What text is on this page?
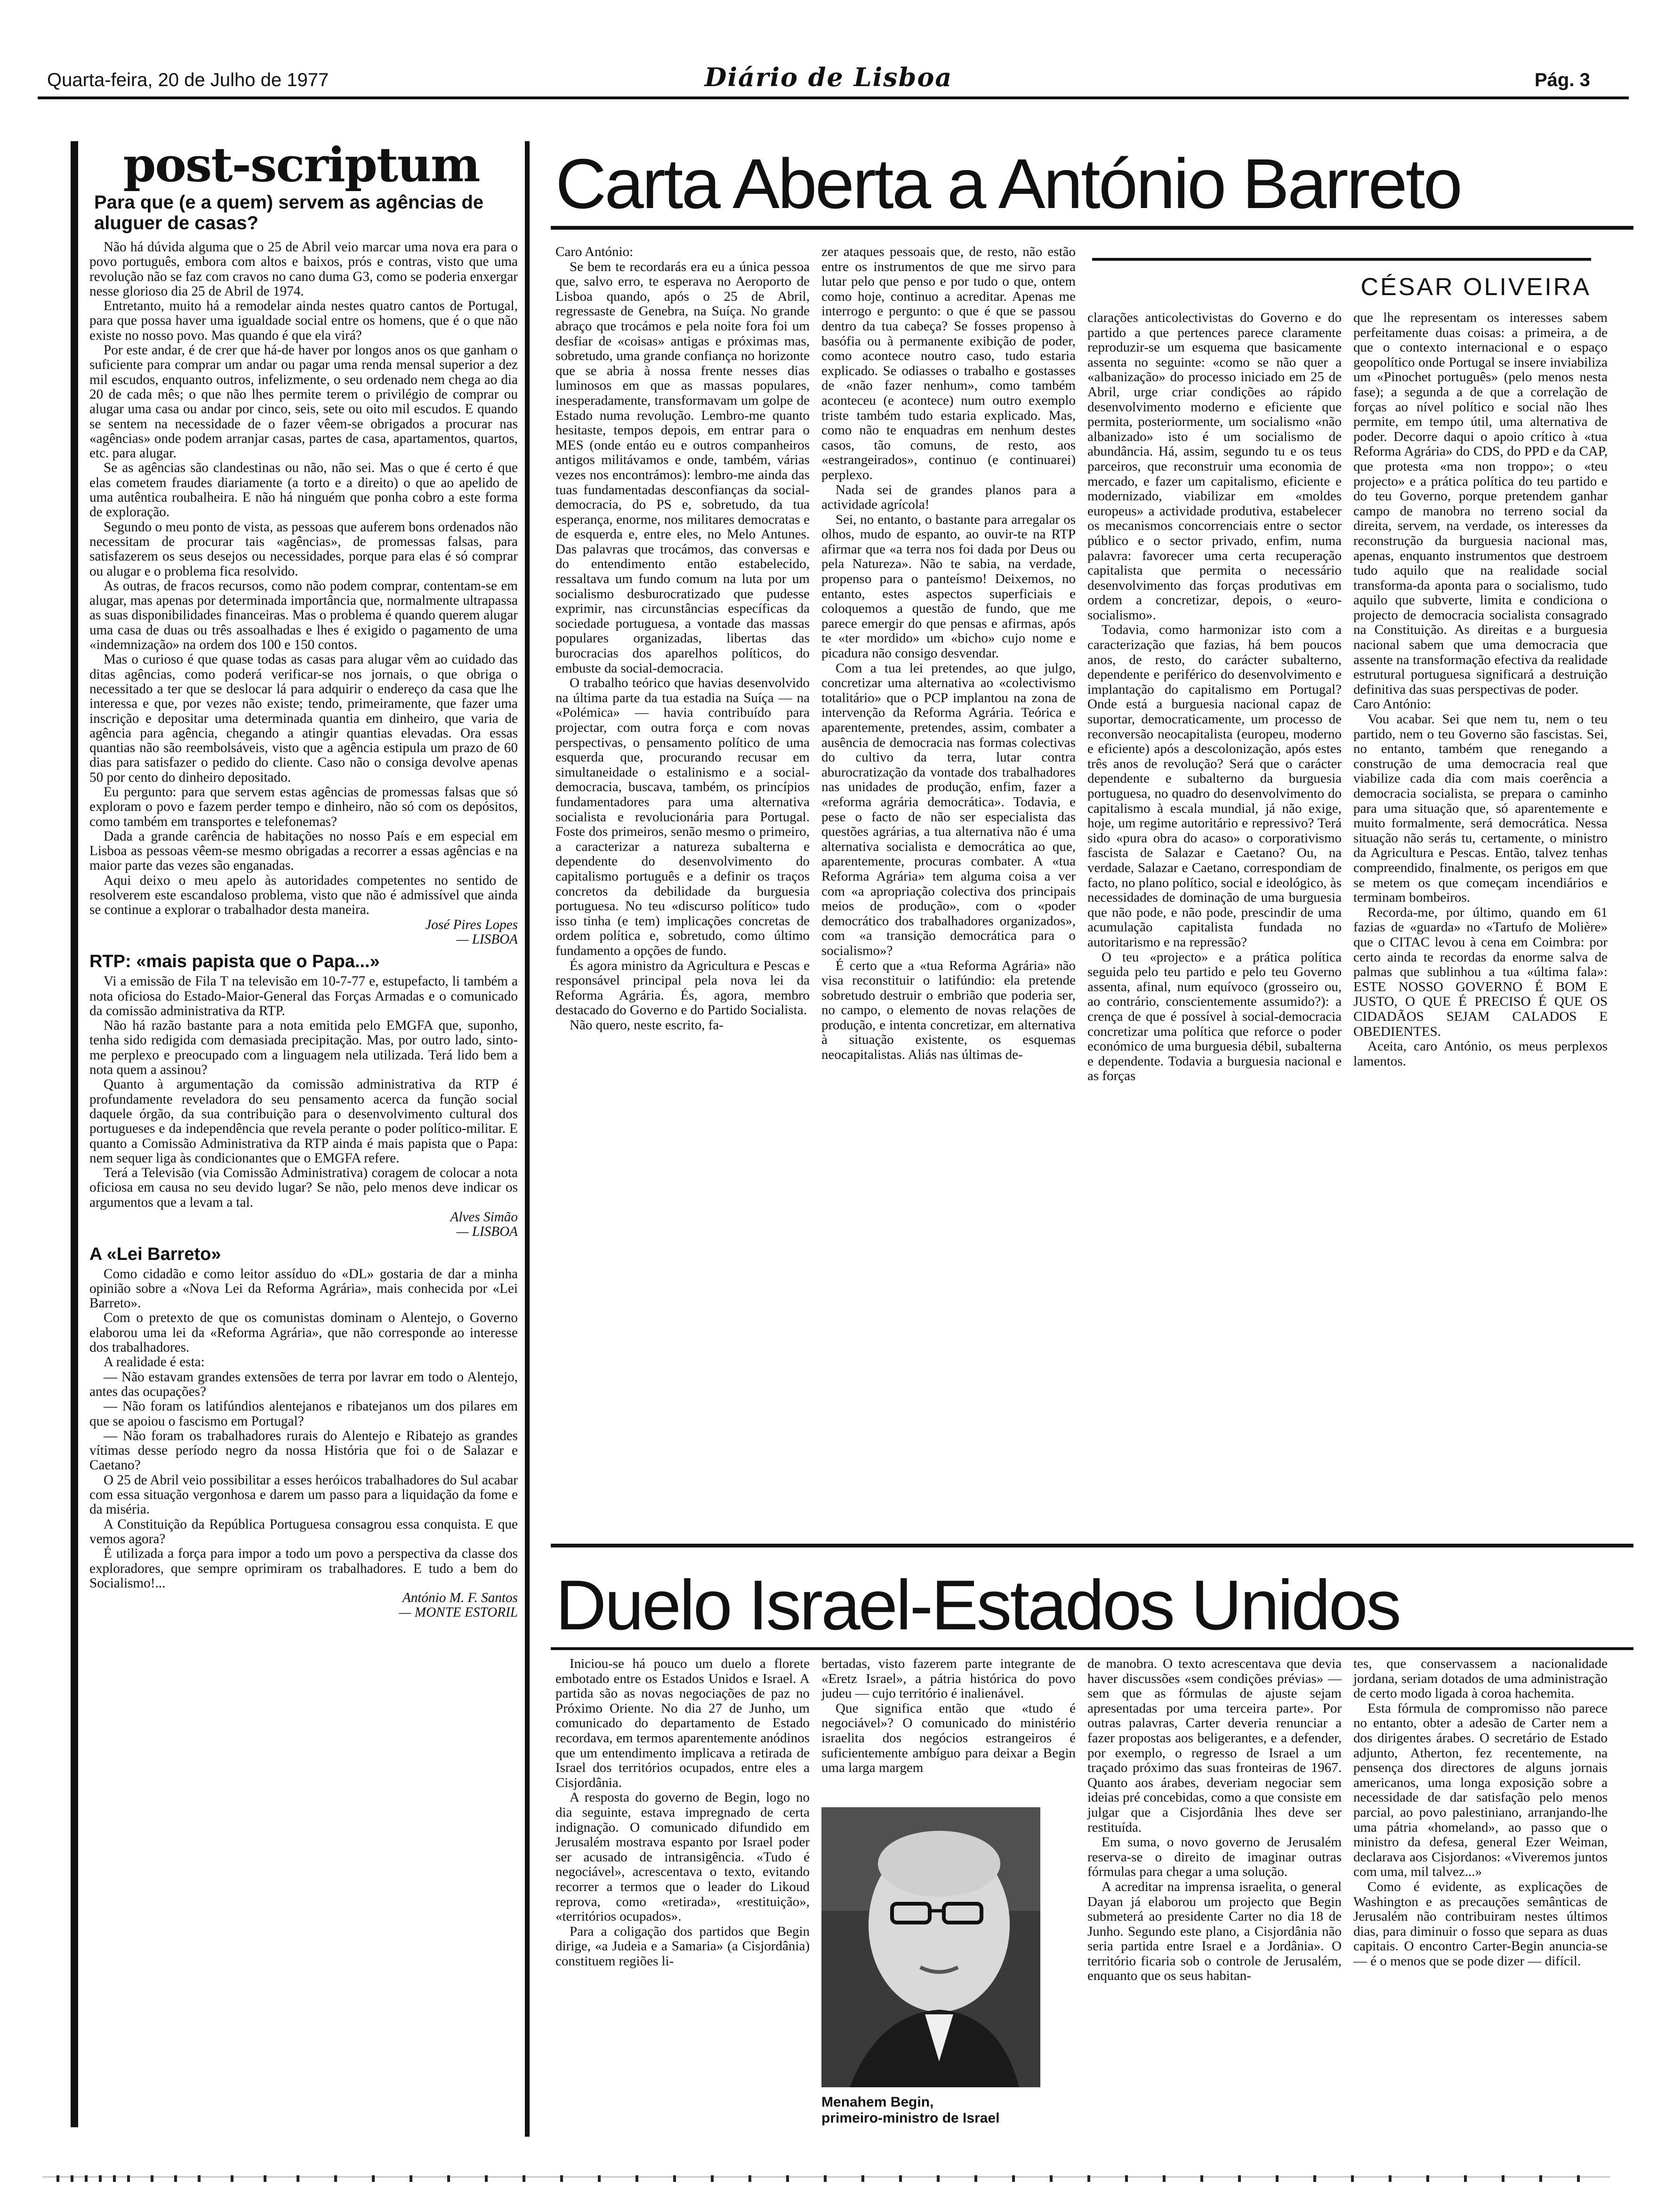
Quarta-feira, 20 de Julho de 1977	Diário de Lisboa	Pág. 3
post-scriptum
Para que (e a quem) servem as agências de aluguer de casas?

Não há dúvida alguma que o 25 de Abril veio marcar uma nova era para o povo português, embora com altos e baixos, prós e contras, visto que uma revolução não se faz com cravos no cano duma G3, como se poderia enxergar nesse glorioso dia 25 de Abril de 1974.

Entretanto, muito há a remodelar ainda nestes quatro cantos de Portugal, para que possa haver uma igualdade social entre os homens, que é o que não existe no nosso povo. Mas quando é que ela virá?

Por este andar, é de crer que há-de haver por longos anos os que ganham o suficiente para comprar um andar ou pagar uma renda mensal superior a dez mil escudos, enquanto outros, infelizmente, o seu ordenado nem chega ao dia 20 de cada mês; o que não lhes permite terem o privilégio de comprar ou alugar uma casa ou andar por cinco, seis, sete ou oito mil escudos. E quando se sentem na necessidade de o fazer vêem-se obrigados a procurar nas «agências» onde podem arranjar casas, partes de casa, apartamentos, quartos, etc. para alugar.

Se as agências são clandestinas ou não, não sei. Mas o que é certo é que elas cometem fraudes diariamente (a torto e a direito) o que ao apelido de uma autêntica roubalheira. E não há ninguém que ponha cobro a este forma de exploração.

Segundo o meu ponto de vista, as pessoas que auferem bons ordenados não necessitam de procurar tais «agências», de promessas falsas, para satisfazerem os seus desejos ou necessidades, porque para elas é só comprar ou alugar e o problema fica resolvido.

As outras, de fracos recursos, como não podem comprar, contentam-se em alugar, mas apenas por determinada importância que, normalmente ultrapassa as suas disponibilidades financeiras. Mas o problema é quando querem alugar uma casa de duas ou três assoalhadas e lhes é exigido o pagamento de uma «indemnização» na ordem dos 100 e 150 contos.

Mas o curioso é que quase todas as casas para alugar vêm ao cuidado das ditas agências, como poderá verificar-se nos jornais, o que obriga o necessitado a ter que se deslocar lá para adquirir o endereço da casa que lhe interessa e que, por vezes não existe; tendo, primeiramente, que fazer uma inscrição e depositar uma determinada quantia em dinheiro, que varia de agência para agência, chegando a atingir quantias elevadas. Ora essas quantias não são reembolsáveis, visto que a agência estipula um prazo de 60 dias para satisfazer o pedido do cliente. Caso não o consiga devolve apenas 50 por cento do dinheiro depositado.

Eu pergunto: para que servem estas agências de promessas falsas que só exploram o povo e fazem perder tempo e dinheiro, não só com os depósitos, como também em transportes e telefonemas?

Dada a grande carência de habitações no nosso País e em especial em Lisboa as pessoas vêem-se mesmo obrigadas a recorrer a essas agências e na maior parte das vezes são enganadas.

Aqui deixo o meu apelo às autoridades competentes no sentido de resolverem este escandaloso problema, visto que não é admissível que ainda se continue a explorar o trabalhador desta maneira.

José Pires Lopes

— LISBOA

RTP: «mais papista que o Papa...»

Vi a emissão de Fila T na televisão em 10-7-77 e, estupefacto, li também a nota oficiosa do Estado-Maior-General das Forças Armadas e o comunicado da comissão administrativa da RTP.

Não há razão bastante para a nota emitida pelo EMGFA que, suponho, tenha sido redigida com demasiada precipitação. Mas, por outro lado, sinto-me perplexo e preocupado com a linguagem nela utilizada. Terá lido bem a nota quem a assinou?

Quanto à argumentação da comissão administrativa da RTP é profundamente reveladora do seu pensamento acerca da função social daquele órgão, da sua contribuição para o desenvolvimento cultural dos portugueses e da independência que revela perante o poder político-militar. E quanto a Comissão Administrativa da RTP ainda é mais papista que o Papa: nem sequer liga às condicionantes que o EMGFA refere.

Terá a Televisão (via Comissão Administrativa) coragem de colocar a nota oficiosa em causa no seu devido lugar? Se não, pelo menos deve indicar os argumentos que a levam a tal.

Alves Simão

— LISBOA

A «Lei Barreto»

Como cidadão e como leitor assíduo do «DL» gostaria de dar a minha opinião sobre a «Nova Lei da Reforma Agrária», mais conhecida por «Lei Barreto».

Com o pretexto de que os comunistas dominam o Alentejo, o Governo elaborou uma lei da «Reforma Agrária», que não corresponde ao interesse dos trabalhadores.

A realidade é esta:

— Não estavam grandes extensões de terra por lavrar em todo o Alentejo, antes das ocupações?

— Não foram os latifúndios alentejanos e ribatejanos um dos pilares em que se apoiou o fascismo em Portugal?

— Não foram os trabalhadores rurais do Alentejo e Ribatejo as grandes vítimas desse período negro da nossa História que foi o de Salazar e Caetano?

O 25 de Abril veio possibilitar a esses heróicos trabalhadores do Sul acabar com essa situação vergonhosa e darem um passo para a liquidação da fome e da miséria.

A Constituição da República Portuguesa consagrou essa conquista. E que vemos agora?

É utilizada a força para impor a todo um povo a perspectiva da classe dos exploradores, que sempre oprimiram os trabalhadores. E tudo a bem do Socialismo!...

António M. F. Santos

— MONTE ESTORIL

Carta Aberta a António Barreto
CÉSAR OLIVEIRA

Caro António:

Se bem te recordarás era eu a única pessoa que, salvo erro, te esperava no Aeroporto de Lisboa quando, após o 25 de Abril, regressaste de Genebra, na Suíça. No grande abraço que trocámos e pela noite fora foi um desfiar de «coisas» antigas e próximas mas, sobretudo, uma grande confiança no horizonte que se abria à nossa frente nesses dias luminosos em que as massas populares, inesperadamente, transformavam um golpe de Estado numa revolução. Lembro-me quanto hesitaste, tempos depois, em entrar para o MES (onde entáo eu e outros companheiros antigos militávamos e onde, também, várias vezes nos encontrámos): lembro-me ainda das tuas fundamentadas desconfianças da social-democracia, do PS e, sobretudo, da tua esperança, enorme, nos militares democratas e de esquerda e, entre eles, no Melo Antunes. Das palavras que trocámos, das conversas e do entendimento então estabelecido, ressaltava um fundo comum na luta por um socialismo desburocratizado que pudesse exprimir, nas circunstâncias específicas da sociedade portuguesa, a vontade das massas populares organizadas, libertas das burocracias dos aparelhos políticos, do embuste da social-democracia.

O trabalho teórico que havias desenvolvido na última parte da tua estadia na Suíça — na «Polémica» — havia contribuído para projectar, com outra força e com novas perspectivas, o pensamento político de uma esquerda que, procurando recusar em simultaneidade o estalinismo e a social-democracia, buscava, também, os princípios fundamentadores para uma alternativa socialista e revolucionária para Portugal. Foste dos primeiros, senão mesmo o primeiro, a caracterizar a natureza subalterna e dependente do desenvolvimento do capitalismo português e a definir os traços concretos da debilidade da burguesia portuguesa. No teu «discurso político» tudo isso tinha (e tem) implicações concretas de ordem política e, sobretudo, como último fundamento a opções de fundo.

És agora ministro da Agricultura e Pescas e responsável principal pela nova lei da Reforma Agrária. És, agora, membro destacado do Governo e do Partido Socialista.

Não quero, neste escrito, fa-

zer ataques pessoais que, de resto, não estão entre os instrumentos de que me sirvo para lutar pelo que penso e por tudo o que, ontem como hoje, continuo a acreditar. Apenas me interrogo e pergunto: o que é que se passou dentro da tua cabeça? Se fosses propenso à basófia ou à permanente exibição de poder, como acontece noutro caso, tudo estaria explicado. Se odiasses o trabalho e gostasses de «não fazer nenhum», como também aconteceu (e acontece) num outro exemplo triste também tudo estaria explicado. Mas, como não te enquadras em nenhum destes casos, tão comuns, de resto, aos «estrangeirados», continuo (e continuarei) perplexo.

Nada sei de grandes planos para a actividade agrícola!

Sei, no entanto, o bastante para arregalar os olhos, mudo de espanto, ao ouvir-te na RTP afirmar que «a terra nos foi dada por Deus ou pela Natureza». Não te sabia, na verdade, propenso para o panteísmo! Deixemos, no entanto, estes aspectos superficiais e coloquemos a questão de fundo, que me parece emergir do que pensas e afirmas, após te «ter mordido» um «bicho» cujo nome e picadura não consigo desvendar.

Com a tua lei pretendes, ao que julgo, concretizar uma alternativa ao «colectivismo totalitário» que o PCP implantou na zona de intervenção da Reforma Agrária. Teórica e aparentemente, pretendes, assim, combater a ausência de democracia nas formas colectivas do cultivo da terra, lutar contra aburocratização da vontade dos trabalhadores nas unidades de produção, enfim, fazer a «reforma agrária democrática». Todavia, e pese o facto de não ser especialista das questões agrárias, a tua alternativa não é uma alternativa socialista e democrática ao que, aparentemente, procuras combater. A «tua Reforma Agrária» tem alguma coisa a ver com «a apropriação colectiva dos principais meios de produção», com o «poder democrático dos trabalhadores organizados», com «a transição democrática para o socialismo»?

É certo que a «tua Reforma Agrária» não visa reconstituir o latifúndio: ela pretende sobretudo destruir o embrião que poderia ser, no campo, o elemento de novas relações de produção, e intenta concretizar, em alternativa à situação existente, os esquemas neocapitalistas. Aliás nas últimas de-

clarações anticolectivistas do Governo e do partido a que pertences parece claramente reproduzir-se um esquema que basicamente assenta no seguinte: «como se não quer a «albanização» do processo iniciado em 25 de Abril, urge criar condições ao rápido desenvolvimento moderno e eficiente que permita, posteriormente, um socialismo «não albanizado» isto é um socialismo de abundância. Há, assim, segundo tu e os teus parceiros, que reconstruir uma economia de mercado, e fazer um capitalismo, eficiente e modernizado, viabilizar em «moldes europeus» a actividade produtiva, estabelecer os mecanismos concorrenciais entre o sector público e o sector privado, enfim, numa palavra: favorecer uma certa recuperação capitalista que permita o necessário desenvolvimento das forças produtivas em ordem a concretizar, depois, o «euro-socialismo».

Todavia, como harmonizar isto com a caracterização que fazias, há bem poucos anos, de resto, do carácter subalterno, dependente e periférico do desenvolvimento e implantação do capitalismo em Portugal? Onde está a burguesia nacional capaz de suportar, democraticamente, um processo de reconversão neocapitalista (europeu, moderno e eficiente) após a descolonização, após estes três anos de revolução? Será que o carácter dependente e subalterno da burguesia portuguesa, no quadro do desenvolvimento do capitalismo à escala mundial, já não exige, hoje, um regime autoritário e repressivo? Terá sido «pura obra do acaso» o corporativismo fascista de Salazar e Caetano? Ou, na verdade, Salazar e Caetano, correspondiam de facto, no plano político, social e ideológico, às necessidades de dominação de uma burguesia que não pode, e não pode, prescindir de uma acumulação capitalista fundada no autoritarismo e na repressão?

O teu «projecto» e a prática política seguida pelo teu partido e pelo teu Governo assenta, afinal, num equívoco (grosseiro ou, ao contrário, conscientemente assumido?): a crença de que é possível à social-democracia concretizar uma política que reforce o poder económico de uma burguesia débil, subalterna e dependente. Todavia a burguesia nacional e as forças

que lhe representam os interesses sabem perfeitamente duas coisas: a primeira, a de que o contexto internacional e o espaço geopolítico onde Portugal se insere inviabiliza um «Pinochet português» (pelo menos nesta fase); a segunda a de que a correlação de forças ao nível político e social não lhes permite, em tempo útil, uma alternativa de poder. Decorre daqui o apoio crítico à «tua Reforma Agrária» do CDS, do PPD e da CAP, que protesta «ma non troppo»; o «teu projecto» e a prática política do teu partido e do teu Governo, porque pretendem ganhar campo de manobra no terreno social da direita, servem, na verdade, os interesses da reconstrução da burguesia nacional mas, apenas, enquanto instrumentos que destroem tudo aquilo que na realidade social transforma-da aponta para o socialismo, tudo aquilo que subverte, limita e condiciona o projecto de democracia socialista consagrado na Constituição. As direitas e a burguesia nacional sabem que uma democracia que assente na transformação efectiva da realidade estrutural portuguesa significará a destruição definitiva das suas perspectivas de poder.

Caro António:

Vou acabar. Sei que nem tu, nem o teu partido, nem o teu Governo são fascistas. Sei, no entanto, também que renegando a construção de uma democracia real que viabilize cada dia com mais coerência a democracia socialista, se prepara o caminho para uma situação que, só aparentemente e muito formalmente, será democrática. Nessa situação não serás tu, certamente, o ministro da Agricultura e Pescas. Então, talvez tenhas compreendido, finalmente, os perigos em que se metem os que começam incendiários e terminam bombeiros.

Recorda-me, por último, quando em 61 fazias de «guarda» no «Tartufo de Molière» que o CITAC levou à cena em Coimbra: por certo ainda te recordas da enorme salva de palmas que sublinhou a tua «última fala»: ESTE NOSSO GOVERNO É BOM E JUSTO, O QUE É PRECISO É QUE OS CIDADÃOS SEJAM CALADOS E OBEDIENTES.

Aceita, caro António, os meus perplexos lamentos.

Duelo Israel-Estados Unidos

Iniciou-se há pouco um duelo a florete embotado entre os Estados Unidos e Israel. A partida são as novas negociações de paz no Próximo Oriente. No dia 27 de Junho, um comunicado do departamento de Estado recordava, em termos aparentemente anódinos que um entendimento implicava a retirada de Israel dos territórios ocupados, entre eles a Cisjordânia.

A resposta do governo de Begin, logo no dia seguinte, estava impregnado de certa indignação. O comunicado difundido em Jerusalém mostrava espanto por Israel poder ser acusado de intransigência. «Tudo é negociável», acrescentava o texto, evitando recorrer a termos que o leader do Likoud reprova, como «retirada», «restituição», «territórios ocupados».

Para a coligação dos partidos que Begin dirige, «a Judeia e a Samaria» (a Cisjordânia) constituem regiões li-

bertadas, visto fazerem parte integrante de «Eretz Israel», a pátria histórica do povo judeu — cujo território é inalienável.

Que significa então que «tudo é negociável»? O comunicado do ministério israelita dos negócios estrangeiros é suficientemente ambíguo para deixar a Begin uma larga margem

Menahem Begin,
primeiro-ministro de Israel

de manobra. O texto acrescentava que devia haver discussões «sem condições prévias» — sem que as fórmulas de ajuste sejam apresentadas por uma terceira parte». Por outras palavras, Carter deveria renunciar a fazer propostas aos beligerantes, e a defender, por exemplo, o regresso de Israel a um traçado próximo das suas fronteiras de 1967. Quanto aos árabes, deveriam negociar sem ideias pré concebidas, como a que consiste em julgar que a Cisjordânia lhes deve ser restituída.

Em suma, o novo governo de Jerusalém reserva-se o direito de imaginar outras fórmulas para chegar a uma solução.

A acreditar na imprensa israelita, o general Dayan já elaborou um projecto que Begin submeterá ao presidente Carter no dia 18 de Junho. Segundo este plano, a Cisjordânia não seria partida entre Israel e a Jordânia». O território ficaria sob o controle de Jerusalém, enquanto que os seus habitan-

tes, que conservassem a nacionalidade jordana, seriam dotados de uma administração de certo modo ligada à coroa hachemita.

Esta fórmula de compromisso não parece no entanto, obter a adesão de Carter nem a dos dirigentes árabes. O secretário de Estado adjunto, Atherton, fez recentemente, na pensença dos directores de alguns jornais americanos, uma longa exposição sobre a necessidade de dar satisfação pelo menos parcial, ao povo palestiniano, arranjando-lhe uma pátria «homeland», ao passo que o ministro da defesa, general Ezer Weiman, declarava aos Cisjordanos: «Viveremos juntos com uma, mil talvez...»

Como é evidente, as explicações de Washington e as precauções semânticas de Jerusalém não contribuiram nestes últimos dias, para diminuir o fosso que separa as duas capitais. O encontro Carter-Begin anuncia-se — é o menos que se pode dizer — difícil.
